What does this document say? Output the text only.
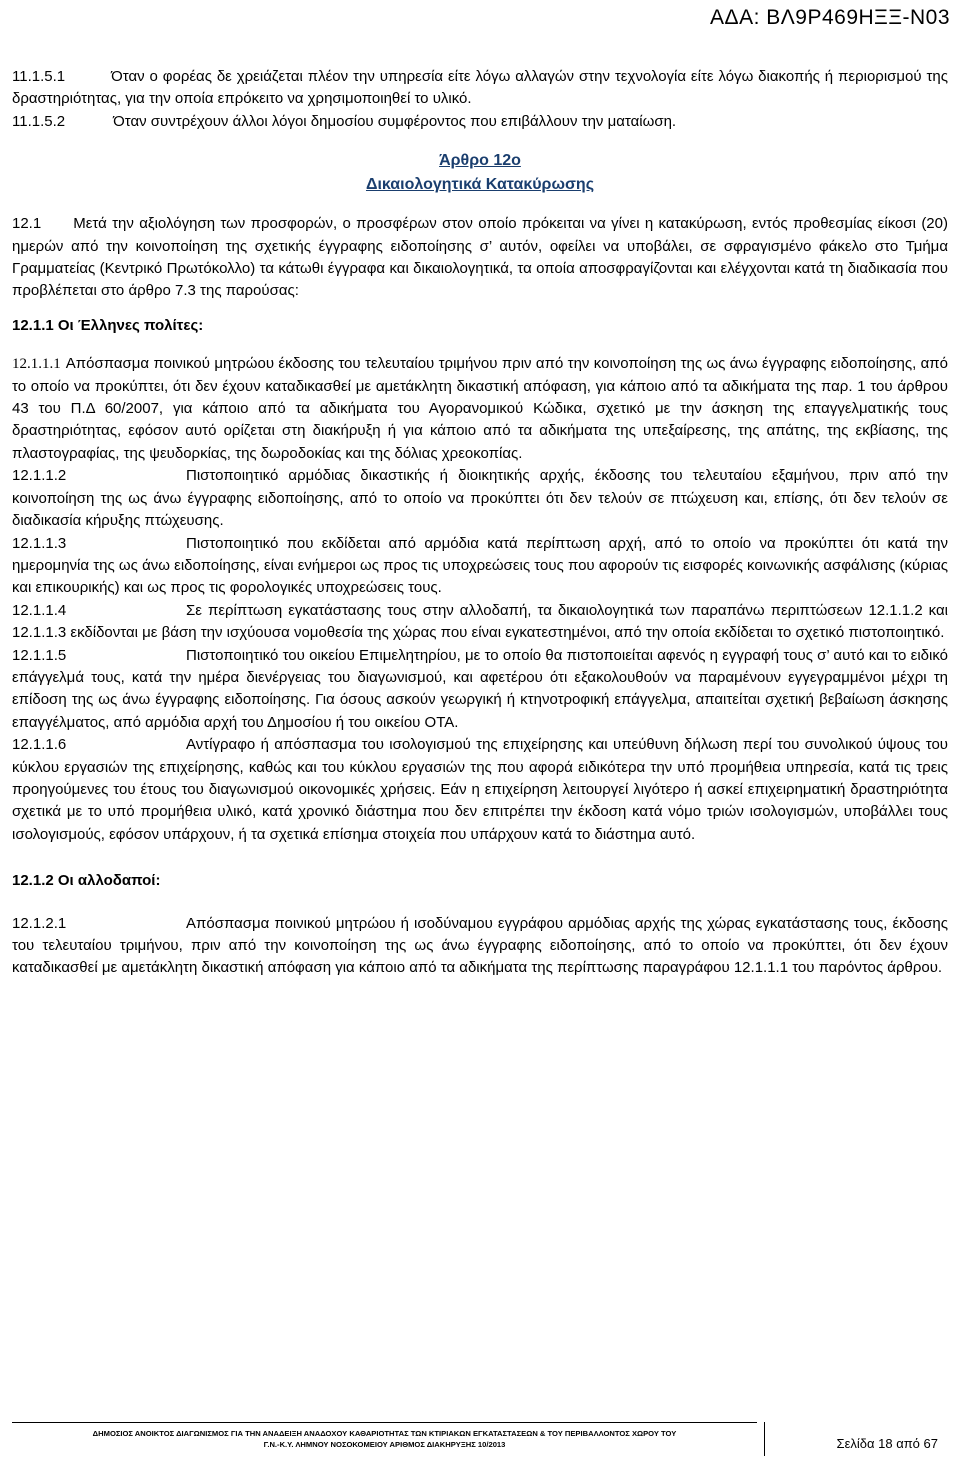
ΑΔΑ: ΒΛ9Ρ469ΗΞΞ-Ν03

11.1.5.1	Όταν ο φορέας δε χρειάζεται πλέον την υπηρεσία είτε λόγω αλλαγών στην τεχνολογία είτε λόγω διακοπής ή περιορισμού της δραστηριότητας, για την οποία επρόκειτο να χρησιμοποιηθεί το υλικό.

11.1.5.2	Όταν συντρέχουν άλλοι λόγοι δημοσίου συμφέροντος που επιβάλλουν την ματαίωση.

Άρθρο 12ο
Δικαιολογητικά Κατακύρωσης

12.1 Μετά την αξιολόγηση των προσφορών, ο προσφέρων στον οποίο πρόκειται να γίνει η κατακύρωση, εντός προθεσμίας είκοσι (20) ημερών από την κοινοποίηση της σχετικής έγγραφης ειδοποίησης σ’ αυτόν, οφείλει να υποβάλει, σε σφραγισμένο φάκελο στο Τμήμα Γραμματείας (Κεντρικό Πρωτόκολλο) τα κάτωθι έγγραφα και δικαιολογητικά, τα οποία αποσφραγίζονται και ελέγχονται κατά τη διαδικασία που προβλέπεται στο άρθρο 7.3 της παρούσας:

12.1.1 Οι Έλληνες πολίτες:

12.1.1.1 Απόσπασμα ποινικού μητρώου έκδοσης του τελευταίου τριμήνου πριν από την κοινοποίηση της ως άνω έγγραφης ειδοποίησης, από το οποίο να προκύπτει, ότι δεν έχουν καταδικασθεί με αμετάκλητη δικαστική απόφαση, για κάποιο από τα αδικήματα της παρ. 1 του άρθρου 43 του Π.Δ 60/2007, για κάποιο από τα αδικήματα του Αγορανομικού Κώδικα, σχετικό με την άσκηση της επαγγελματικής τους δραστηριότητας, εφόσον αυτό ορίζεται στη διακήρυξη ή για κάποιο από τα αδικήματα της υπεξαίρεσης, της απάτης, της εκβίασης, της πλαστογραφίας, της ψευδορκίας, της δωροδοκίας και της δόλιας χρεοκοπίας.

12.1.1.2	Πιστοποιητικό αρμόδιας δικαστικής ή διοικητικής αρχής, έκδοσης του τελευταίου εξαμήνου, πριν από την κοινοποίηση της ως άνω έγγραφης ειδοποίησης, από το οποίο να προκύπτει ότι δεν τελούν σε πτώχευση και, επίσης, ότι δεν τελούν σε διαδικασία κήρυξης πτώχευσης.

12.1.1.3	Πιστοποιητικό που εκδίδεται από αρμόδια κατά περίπτωση αρχή, από το οποίο να προκύπτει ότι κατά την ημερομηνία της ως άνω ειδοποίησης, είναι ενήμεροι ως προς τις υποχρεώσεις τους που αφορούν τις εισφορές κοινωνικής ασφάλισης (κύριας και επικουρικής) και ως προς τις φορολογικές υποχρεώσεις τους.

12.1.1.4	Σε περίπτωση εγκατάστασης τους στην αλλοδαπή, τα δικαιολογητικά των παραπάνω περιπτώσεων 12.1.1.2 και 12.1.1.3 εκδίδονται με βάση την ισχύουσα νομοθεσία της χώρας που είναι εγκατεστημένοι, από την οποία εκδίδεται το σχετικό πιστοποιητικό.

12.1.1.5	Πιστοποιητικό του οικείου Επιμελητηρίου, με το οποίο θα πιστοποιείται αφενός η εγγραφή τους σ’ αυτό και το ειδικό επάγγελμά τους, κατά την ημέρα διενέργειας του διαγωνισμού, και αφετέρου ότι εξακολουθούν να παραμένουν εγγεγραμμένοι μέχρι τη επίδοση της ως άνω έγγραφης ειδοποίησης. Για όσους ασκούν γεωργική ή κτηνοτροφική επάγγελμα, απαιτείται σχετική βεβαίωση άσκησης επαγγέλματος, από αρμόδια αρχή του Δημοσίου ή του οικείου ΟΤΑ.

12.1.1.6	Αντίγραφο ή απόσπασμα του ισολογισμού της επιχείρησης και υπεύθυνη δήλωση περί του συνολικού ύψους του κύκλου εργασιών της επιχείρησης, καθώς και του κύκλου εργασιών της που αφορά ειδικότερα την υπό προμήθεια υπηρεσία, κατά τις τρεις προηγούμενες του έτους του διαγωνισμού οικονομικές χρήσεις. Εάν η επιχείρηση λειτουργεί λιγότερο ή ασκεί επιχειρηματική δραστηριότητα σχετικά με το υπό προμήθεια υλικό, κατά χρονικό διάστημα που δεν επιτρέπει την έκδοση κατά νόμο τριών ισολογισμών, υποβάλλει τους ισολογισμούς, εφόσον υπάρχουν, ή τα σχετικά επίσημα στοιχεία που υπάρχουν κατά το διάστημα αυτό.

12.1.2 Οι αλλοδαποί:

12.1.2.1	Απόσπασμα ποινικού μητρώου ή ισοδύναμου εγγράφου αρμόδιας αρχής της χώρας εγκατάστασης τους, έκδοσης του τελευταίου τριμήνου, πριν από την κοινοποίηση της ως άνω έγγραφης ειδοποίησης, από το οποίο να προκύπτει, ότι δεν έχουν καταδικασθεί με αμετάκλητη δικαστική απόφαση για κάποιο από τα αδικήματα της περίπτωσης παραγράφου 12.1.1.1 του παρόντος άρθρου.

ΔΗΜΟΣΙΟΣ ΑΝΟΙΚΤΟΣ ΔΙΑΓΩΝΙΣΜΟΣ ΓΙΑ ΤΗΝ ΑΝΑΔΕΙΞΗ ΑΝΑΔΟΧΟΥ ΚΑΘΑΡΙΟΤΗΤΑΣ ΤΩΝ ΚΤΙΡΙΑΚΩΝ ΕΓΚΑΤΑΣΤΑΣΕΩΝ & ΤΟΥ ΠΕΡΙΒΑΛΛΟΝΤΟΣ ΧΩΡΟΥ ΤΟΥ
Γ.Ν.-Κ.Υ. ΛΗΜΝΟΥ ΝΟΣΟΚΟΜΕΙΟΥ ΑΡΙΘΜΟΣ ΔΙΑΚΗΡΥΞΗΣ 10/2013	Σελίδα 18 από 67
